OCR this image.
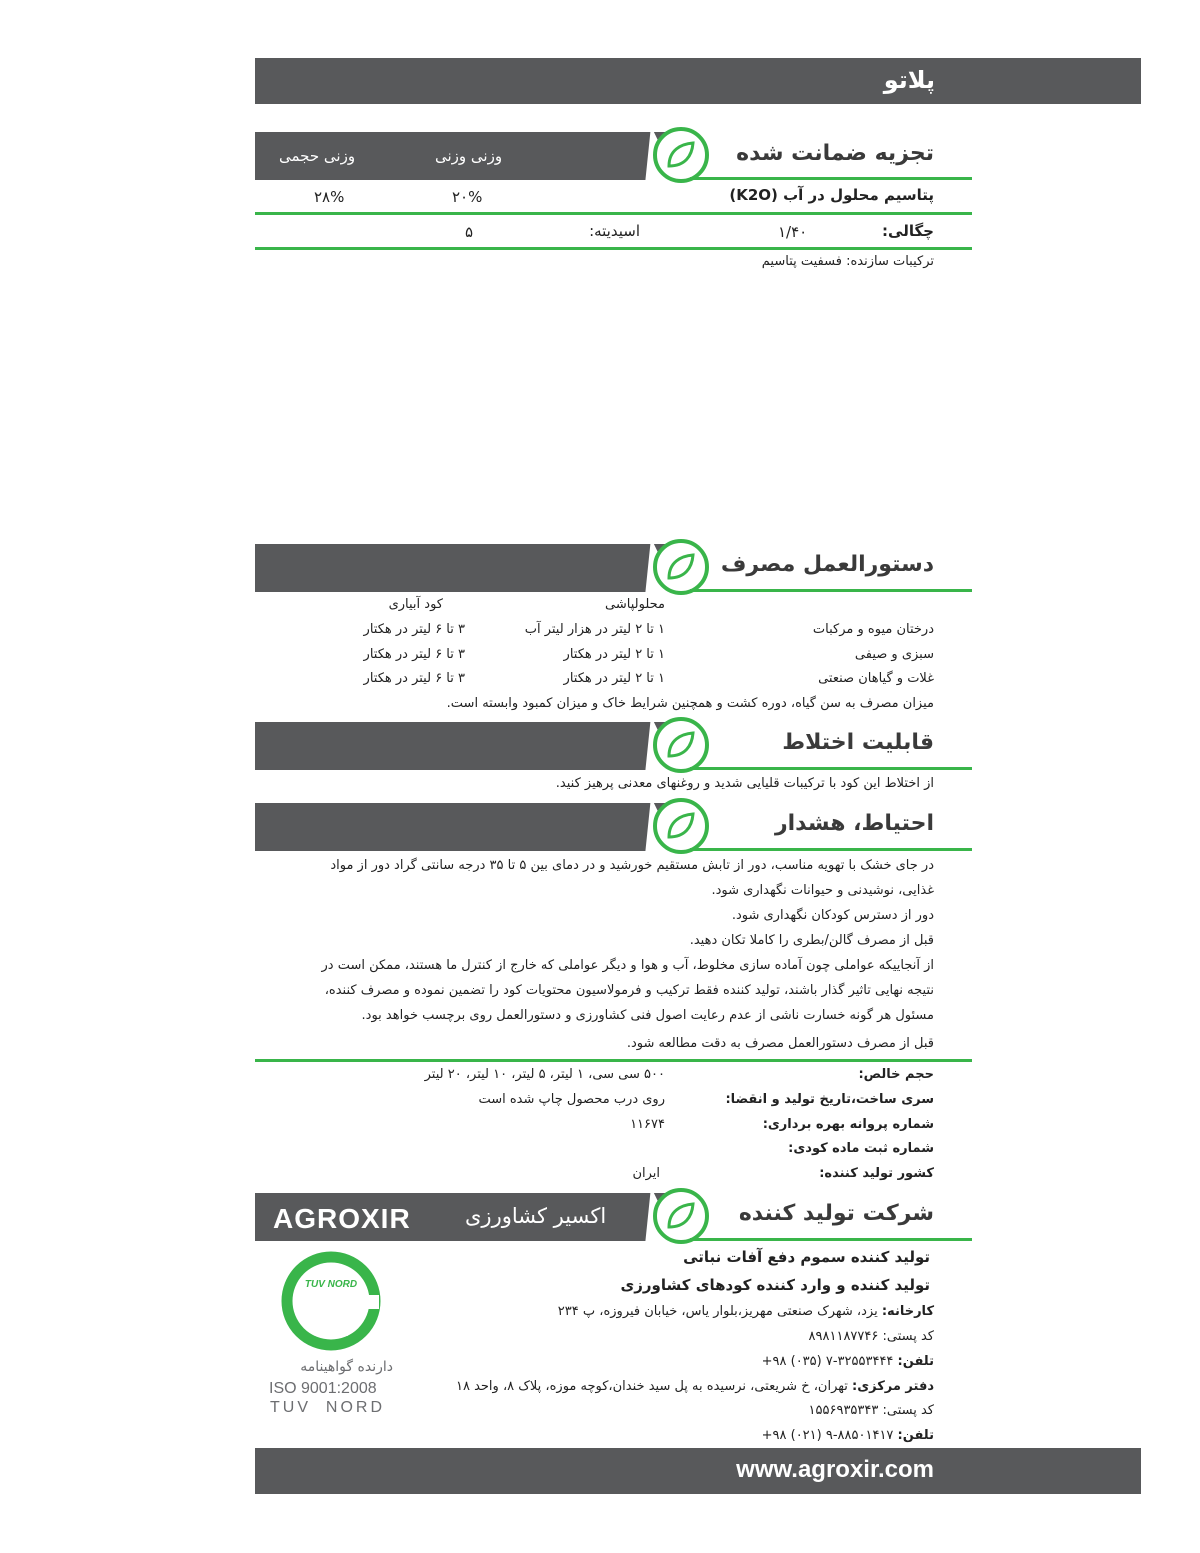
پلاتو
تجزیه ضمانت شده
وزنی وزنی
وزنی حجمی
پتاسیم محلول در آب (K2O)
۲۰%
۲۸%
چگالی:
۱/۴۰
اسیدیته:
۵
ترکیبات سازنده: فسفیت پتاسیم
دستورالعمل مصرف
محلولپاشی
کود آبیاری
درختان میوه و مرکبات
۱ تا ۲ لیتر در هزار لیتر آب
۳ تا ۶ لیتر در هکتار
سبزی و صیفی
۱ تا ۲ لیتر در هکتار
۳ تا ۶ لیتر در هکتار
غلات و گیاهان صنعتی
۱ تا ۲ لیتر در هکتار
۳ تا ۶ لیتر در هکتار
میزان مصرف به سن گیاه، دوره کشت و همچنین شرایط خاک و میزان کمبود وابسته است.
قابلیت اختلاط
از اختلاط این کود با ترکیبات قلیایی شدید و روغنهای معدنی پرهیز کنید.
احتیاط، هشدار
در جای خشک با تهویه مناسب، دور از تابش مستقیم خورشید و در دمای بین ۵ تا ۳۵ درجه سانتی گراد دور از مواد
غذایی، نوشیدنی و حیوانات نگهداری شود.
دور از دسترس کودکان نگهداری شود.
قبل از مصرف گالن/بطری را کاملا تکان دهید.
از آنجاییکه عواملی چون آماده سازی مخلوط، آب و هوا و دیگر عواملی که خارج از کنترل ما هستند، ممکن است در
نتیجه نهایی تاثیر گذار باشند، تولید کننده فقط ترکیب و فرمولاسیون محتویات کود را تضمین نموده و مصرف کننده،
مسئول هر گونه خسارت ناشی از عدم رعایت اصول فنی کشاورزی و دستورالعمل روی برچسب خواهد بود.
قبل از مصرف دستورالعمل مصرف به دقت مطالعه شود.
حجم خالص:
۵۰۰ سی سی، ۱ لیتر، ۵ لیتر، ۱۰ لیتر، ۲۰ لیتر
سری ساخت،تاریخ تولید و انقضا:
روی درب محصول چاپ شده است
شماره پروانه بهره برداری:
۱۱۶۷۴
شماره ثبت ماده کودی:
کشور تولید کننده:
ایران
شرکت تولید کننده
اکسیر کشاورزی
AGROXIR
تولید کننده سموم دفع آفات نباتی
تولید کننده و وارد کننده کودهای کشاورزی
کارخانه: یزد، شهرک صنعتی مهریز،بلوار یاس، خیابان فیروزه، پ ۲۳۴
کد پستی: ۸۹۸۱۱۸۷۷۴۶
تلفن: ۳۲۵۵۳۴۴۴-۷ (۰۳۵) ۹۸+
دفتر مرکزی: تهران، خ شریعتی، نرسیده به پل سید خندان،کوچه موزه، پلاک ۸، واحد ۱۸
کد پستی: ۱۵۵۶۹۳۵۳۴۳
تلفن: ۸۸۵۰۱۴۱۷-۹ (۰۲۱) ۹۸+
TUV NORD
ISO 9001
دارنده گواهینامه
ISO 9001:2008
TUV  NORD
www.agroxir.com
